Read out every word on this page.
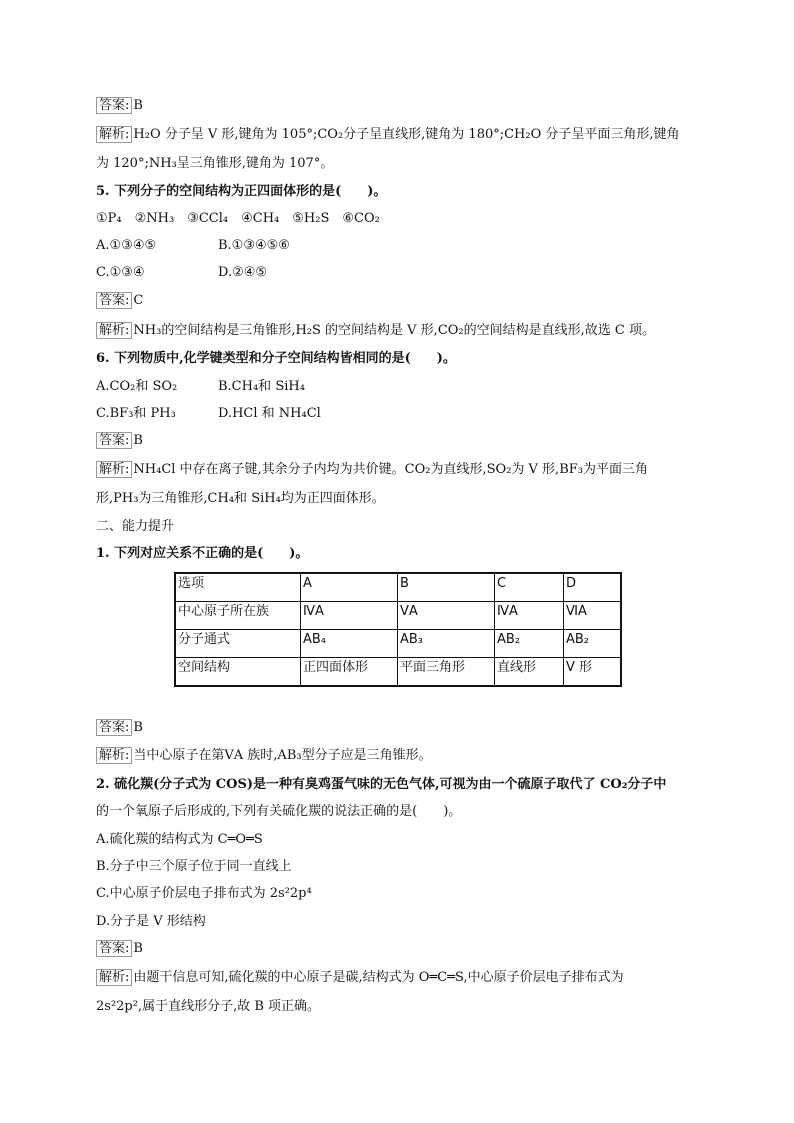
答案: B
解析: H₂O 分子呈 V 形,键角为 105°;CO₂分子呈直线形,键角为 180°;CH₂O 分子呈平面三角形,键角
为 120°;NH₃呈三角锥形,键角为 107°。
5. 下列分子的空间结构为正四面体形的是(　　)。
①P₄　②NH₃　③CCl₄　④CH₄　⑤H₂S　⑥CO₂
A.①③④⑤	B.①③④⑤⑥
C.①③④	D.②④⑤
答案: C
解析: NH₃的空间结构是三角锥形,H₂S 的空间结构是 V 形,CO₂的空间结构是直线形,故选 C 项。
6. 下列物质中,化学键类型和分子空间结构皆相同的是(　　)。
A.CO₂和 SO₂	B.CH₄和 SiH₄
C.BF₃和 PH₃	D.HCl 和 NH₄Cl
答案: B
解析: NH₄Cl 中存在离子键,其余分子内均为共价键。CO₂为直线形,SO₂为 V 形,BF₃为平面三角
形,PH₃为三角锥形,CH₄和 SiH₄均为正四面体形。
二、能力提升
1. 下列对应关系不正确的是(　　)。
选项	A	B	C	D
中心原子所在族	ⅣA	ⅤA	ⅣA	ⅥA
分子通式	AB₄	AB₃	AB₂	AB₂
空间结构	正四面体形	平面三角形	直线形	V 形
答案: B
解析: 当中心原子在第ⅤA 族时,AB₃型分子应是三角锥形。
2. 硫化羰(分子式为 COS)是一种有臭鸡蛋气味的无色气体,可视为由一个硫原子取代了 CO₂分子中
的一个氧原子后形成的,下列有关硫化羰的说法正确的是(　　)。
A.硫化羰的结构式为 C═O═S
B.分子中三个原子位于同一直线上
C.中心原子价层电子排布式为 2s²2p⁴
D.分子是 V 形结构
答案: B
解析: 由题干信息可知,硫化羰的中心原子是碳,结构式为 O═C═S,中心原子价层电子排布式为
2s²2p²,属于直线形分子,故 B 项正确。
